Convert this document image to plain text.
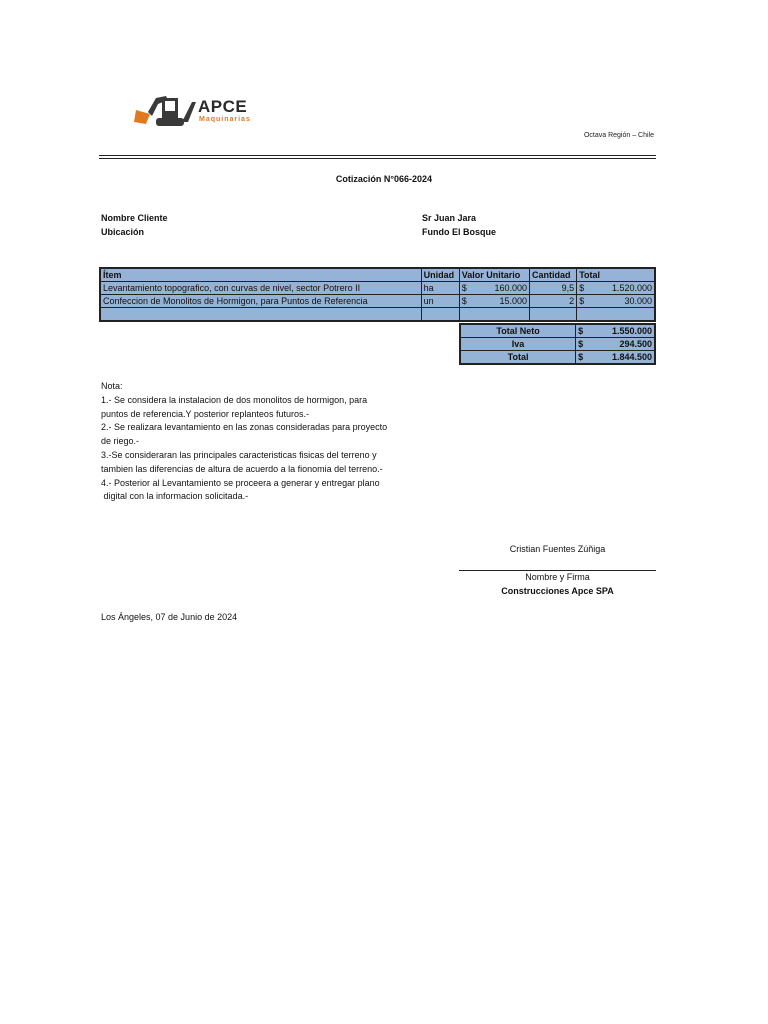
APCE
Maquinarias
Octava Región – Chile
Cotización N°066-2024
Nombre Cliente	Sr Juan Jara
Ubicación	Fundo El Bosque
Ítem	Unidad	Valor Unitario	Cantidad	Total
Levantamiento topografico, con curvas de nivel, sector Potrero II	ha	$ 160.000	9,5	$ 1.520.000

Confeccion de Monolitos de Hormigon, para Puntos de Referencia	un	$ 15.000	2	$ 30.000

Total Neto	$ 1.550.000

Iva	$ 294.500

Total	$ 1.844.500
Nota:
1.- Se considera la instalacion de dos monolitos de hormigon, para
puntos de referencia.Y posterior replanteos futuros.-
2.- Se realizara levantamiento en las zonas consideradas para proyecto
de riego.-
3.-Se consideraran las principales caracteristicas fisicas del terreno y
tambien las diferencias de altura de acuerdo a la fionomia del terreno.-
4.- Posterior al Levantamiento se proceera a generar y entregar plano
digital con la informacion solicitada.-
Cristian Fuentes Zúñiga
Nombre y Firma
Construcciones Apce SPA
Los Ángeles, 07 de Junio de 2024
